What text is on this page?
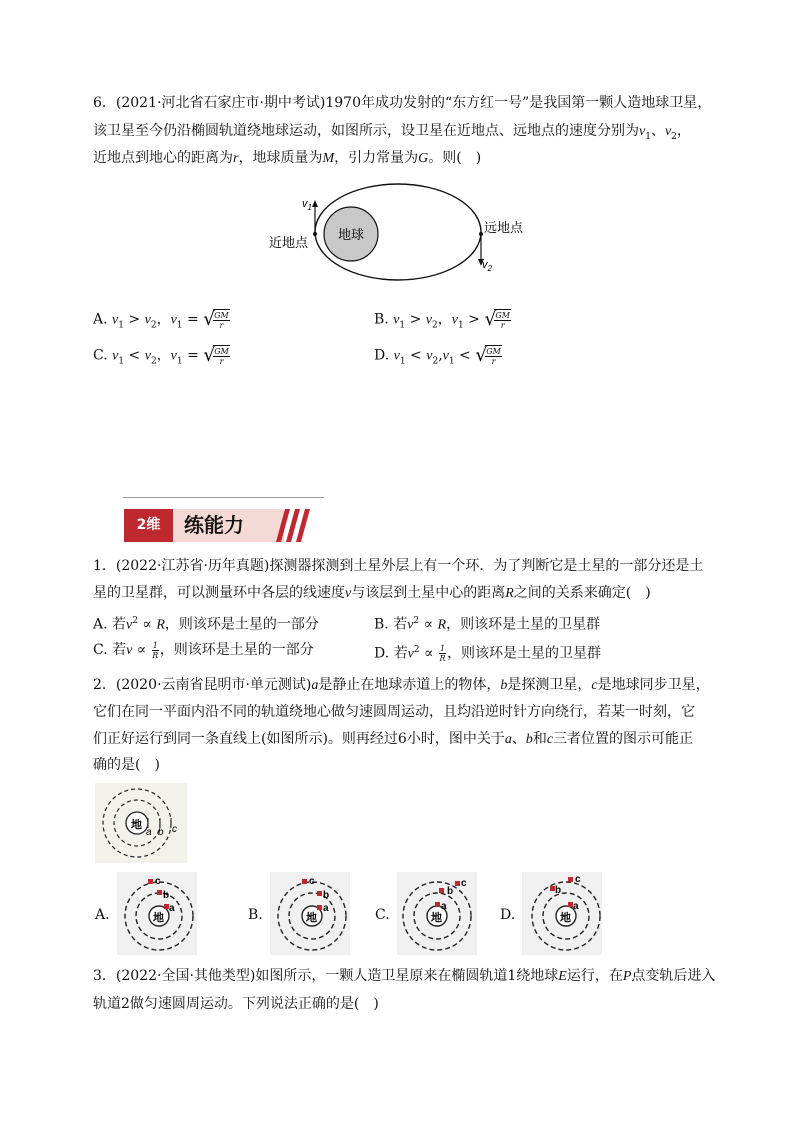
6．(2021·河北省石家庄市·期中考试)1970年成功发射的“东方红一号”是我国第一颗人造地球卫星，
该卫星至今仍沿椭圆轨道绕地球运动，如图所示，设卫星在近地点、远地点的速度分别为$v_1$、$v_2$，
近地点到地心的距离为r，地球质量为M，引力常量为G。则(　)
地球
$v_1$
$v_2$
近地点
远地点
A. $v_1 > v_2$，$v_1$ = √ $\frac{GM}{r}$	B. $v_1 > v_2$，$v_1$ > √ $\frac{GM}{r}$
C. $v_1 < v_2$，$v_1$ = √ $\frac{GM}{r}$	D. $v_1 < v_2,v_1$ < √ $\frac{GM}{r}$
2维	练能力
1．(2022·江苏省·历年真题)探测器探测到土星外层上有一个环．为了判断它是土星的一部分还是土
星的卫星群，可以测量环中各层的线速度v与该层到土星中心的距离R之间的关系来确定(　)
A. 若$v^2 \propto R$，则该环是土星的一部分	B. 若$v^2 \propto R$，则该环是土星的卫星群
C. 若$v \propto \frac{1}{R}$ ，则该环是土星的一部分	D. 若$v^2 \propto \frac{1}{R}$ ，则该环是土星的卫星群
2．(2020·云南省昆明市·单元测试)a是静止在地球赤道上的物体，b是探测卫星，c是地球同步卫星，
它们在同一平面内沿不同的轨道绕地心做匀速圆周运动，且均沿逆时针方向绕行，若某一时刻，它
们正好运行到同一条直线上(如图所示)。则再经过6小时，图中关于a、b和c三者位置的图示可能正
确的是(　)
地
a b c
A.	B.	C.	D.
地
c
b
a
地
c
b
a
地
c
b
a
地
c
b
a
3．(2022·全国·其他类型)如图所示，一颗人造卫星原来在椭圆轨道1绕地球E运行，在P点变轨后进入
轨道2做匀速圆周运动。下列说法正确的是(　)
